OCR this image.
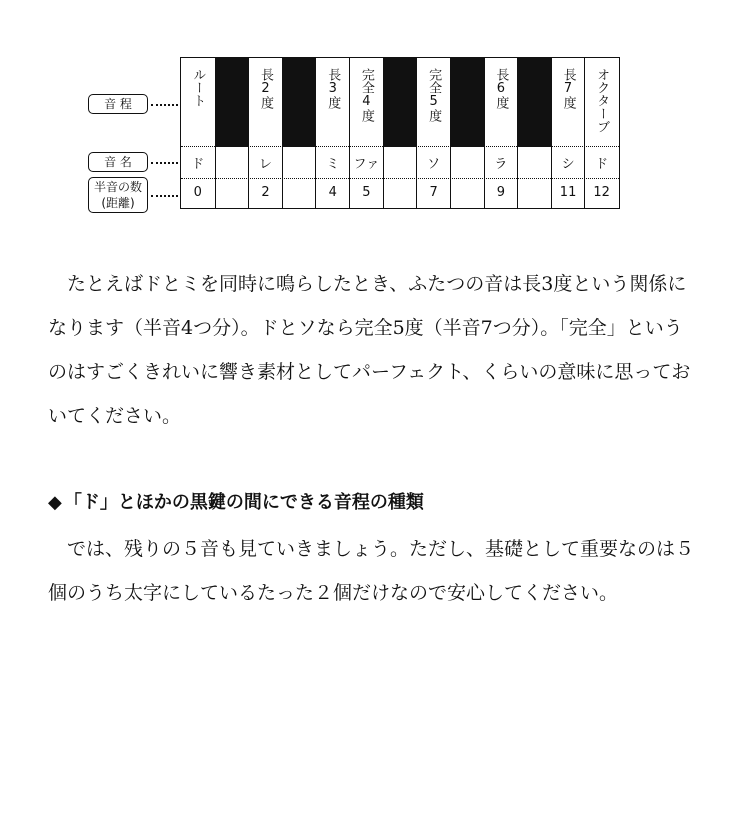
音 程
音 名
半音の数
(距離)
ルート
ド
0
長2度
レ
2
長3度
ミ
4
完全4度
ファ
5
完全5度
ソ
7
長6度
ラ
9
長7度
シ
11
オクターブ
ド
12

たとえばドとミを同時に鳴らしたとき、ふたつの音は長3度という関係になります（半音4つ分）。ドとソなら完全5度（半音7つ分）。「完全」というのはすごくきれいに響き素材としてパーフェクト、くらいの意味に思っておいてください。

◆ 「ド」とほかの黒鍵の間にできる音程の種類

では、残りの５音も見ていきましょう。ただし、基礎として重要なのは５個のうち太字にしているたった２個だけなので安心してください。
